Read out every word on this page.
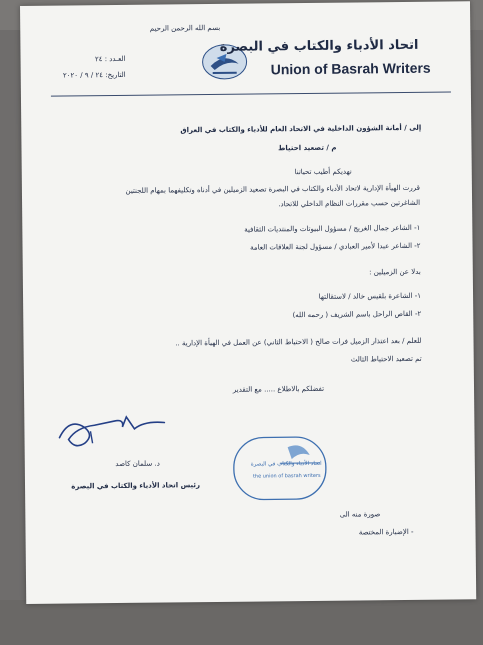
بسم الله الرحمن الرحيم
اتحاد الأدباء والكتاب في البصرة
Union of Basrah Writers
العـدد : ٢٤
التاريخ: ٢٤ / ٩ / ٢٠٢٠
إلى / أمانة الشؤون الداخلية في الاتحاد العام للأدباء والكتاب في العراق
م / تصعيد احتياط
نهديكم أطيب تحياتنا
قررت الهيأة الإدارية لاتحاد الأدباء والكتاب في البصرة تصعيد الزميلين في أدناه وتكليفهما بمهام اللجنتين
الشاغرتين حسب مقررات النظام الداخلي للاتحاد.
١- الشاعر جمال الغريج / مسؤول البيوتات والمنتديات الثقافية
٢- الشاعر عبدا لأمير العبادي / مسؤول لجنة العلاقات العامة
بدلا عن الزميلين :
١- الشاعرة بلقيس خالد / لاستقالتها
٢- القاص الراحل باسم الشريف ( رحمه الله)
للعلم / بعد اعتذار الزميل فرات صالح ( الاحتياط الثاني) عن العمل في الهيأة الإدارية ..
تم تصعيد الاحتياط الثالث
تفضلكم بالاطلاع ..... مع التقدير
د. سلمان كاصد
رئيس اتحاد الأدباء والكتاب في البصرة
اتحاد الأدباء والكتاب في البصرة
the union of basrah writers
صورة منه الى
- الإضبارة المختصة
